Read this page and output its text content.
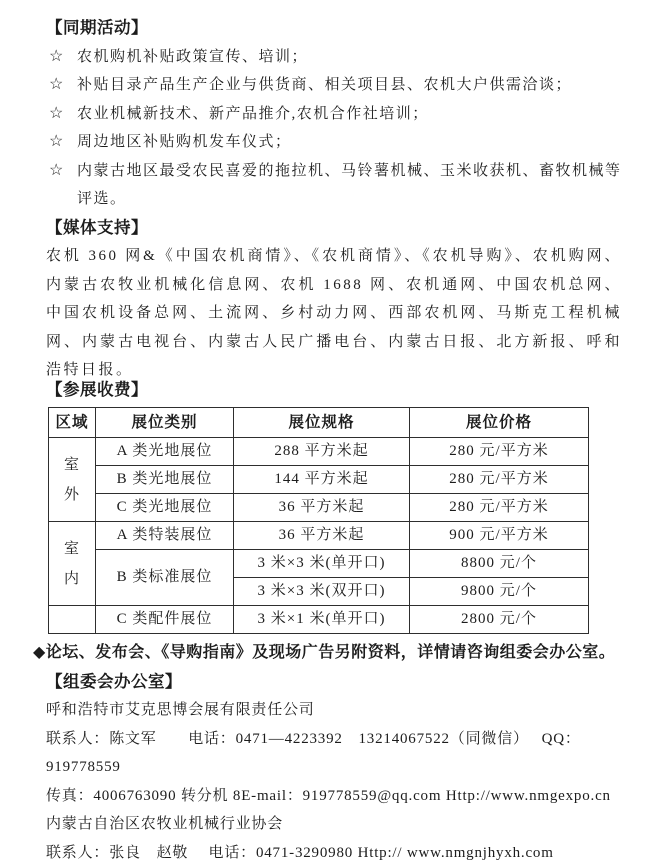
【同期活动】
☆ 农机购机补贴政策宣传、培训；
☆ 补贴目录产品生产企业与供货商、相关项目县、农机大户供需洽谈；
☆ 农业机械新技术、新产品推介,农机合作社培训；
☆ 周边地区补贴购机发车仪式；
☆ 内蒙古地区最受农民喜爱的拖拉机、马铃薯机械、玉米收获机、畜牧机械等评选。
【媒体支持】
农机 360 网&《中国农机商情》、《农机商情》、《农机导购》、农机购网、内蒙古农牧业机械化信息网、农机 1688 网、农机通网、中国农机总网、中国农机设备总网、土流网、乡村动力网、西部农机网、马斯克工程机械网、内蒙古电视台、内蒙古人民广播电台、内蒙古日报、北方新报、呼和浩特日报。
【参展收费】
区域	展位类别	展位规格	展位价格

室外	A 类光地展位	288 平方米起	280 元/平方米
	B 类光地展位	144 平方米起	280 元/平方米
	C 类光地展位	36 平方米起	280 元/平方米

室内	A 类特装展位	36 平方米起	900 元/平方米
	B 类标准展位	3 米×3 米(单开口)	8800 元/个
		3 米×3 米(双开口)	9800 元/个
	C 类配件展位	3 米×1 米(单开口)	2800 元/个
◆论坛、发布会、《导购指南》及现场广告另附资料，详情请咨询组委会办公室。
【组委会办公室】
呼和浩特市艾克思博会展有限责任公司
联系人：陈文军　　电话：0471—4223392　13214067522（同微信）　 QQ：919778559
传真：4006763090 转分机 8E-mail：919778559@qq.com Http://www.nmgexpo.cn
内蒙古自治区农牧业机械行业协会
联系人：张良　赵敬　 电话：0471-3290980 Http:// www.nmgnjhyxh.com
